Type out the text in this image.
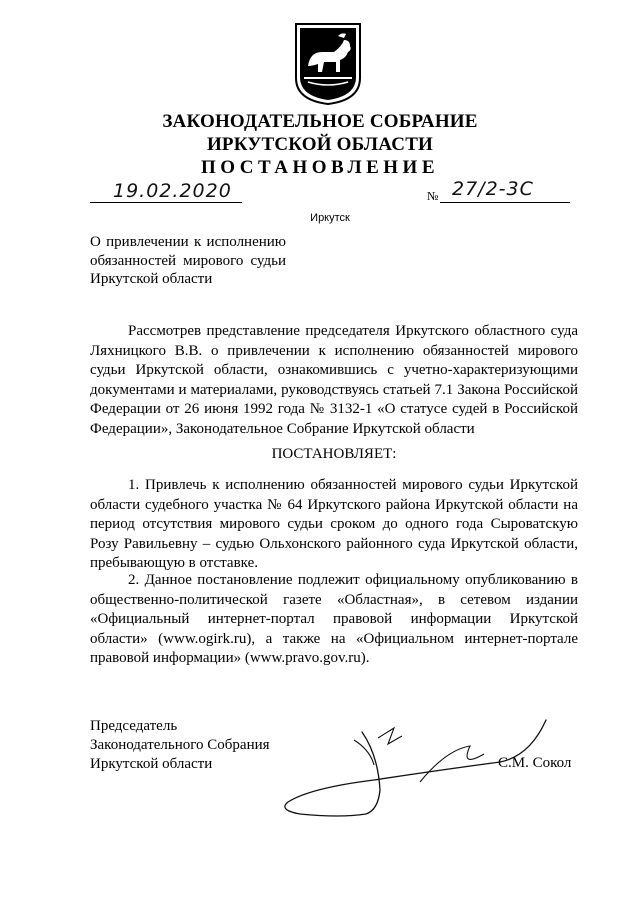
ЗАКОНОДАТЕЛЬНОЕ СОБРАНИЕ
ИРКУТСКОЙ ОБЛАСТИ
ПОСТАНОВЛЕНИЕ
19.02.2020	№ 27/2-3С
Иркутск
О привлечении к исполнению обязанностей мирового судьи Иркутской области

Рассмотрев представление председателя Иркутского областного суда Ляхницкого В.В. о привлечении к исполнению обязанностей мирового судьи Иркутской области, ознакомившись с учетно-характеризующими документами и материалами, руководствуясь статьей 7.1 Закона Российской Федерации от 26 июня 1992 года № 3132-1 «О статусе судей в Российской Федерации», Законодательное Собрание Иркутской области

ПОСТАНОВЛЯЕТ:

1. Привлечь к исполнению обязанностей мирового судьи Иркутской области судебного участка № 64 Иркутского района Иркутской области на период отсутствия мирового судьи сроком до одного года Сыроватскую Розу Равильевну – судью Ольхонского районного суда Иркутской области, пребывающую в отставке.

2. Данное постановление подлежит официальному опубликованию в общественно-политической газете «Областная», в сетевом издании «Официальный интернет-портал правовой информации Иркутской области» (www.ogirk.ru), а также на «Официальном интернет-портале правовой информации» (www.pravo.gov.ru).

Председатель
Законодательного Собрания
Иркутской области	С.М. Сокол
